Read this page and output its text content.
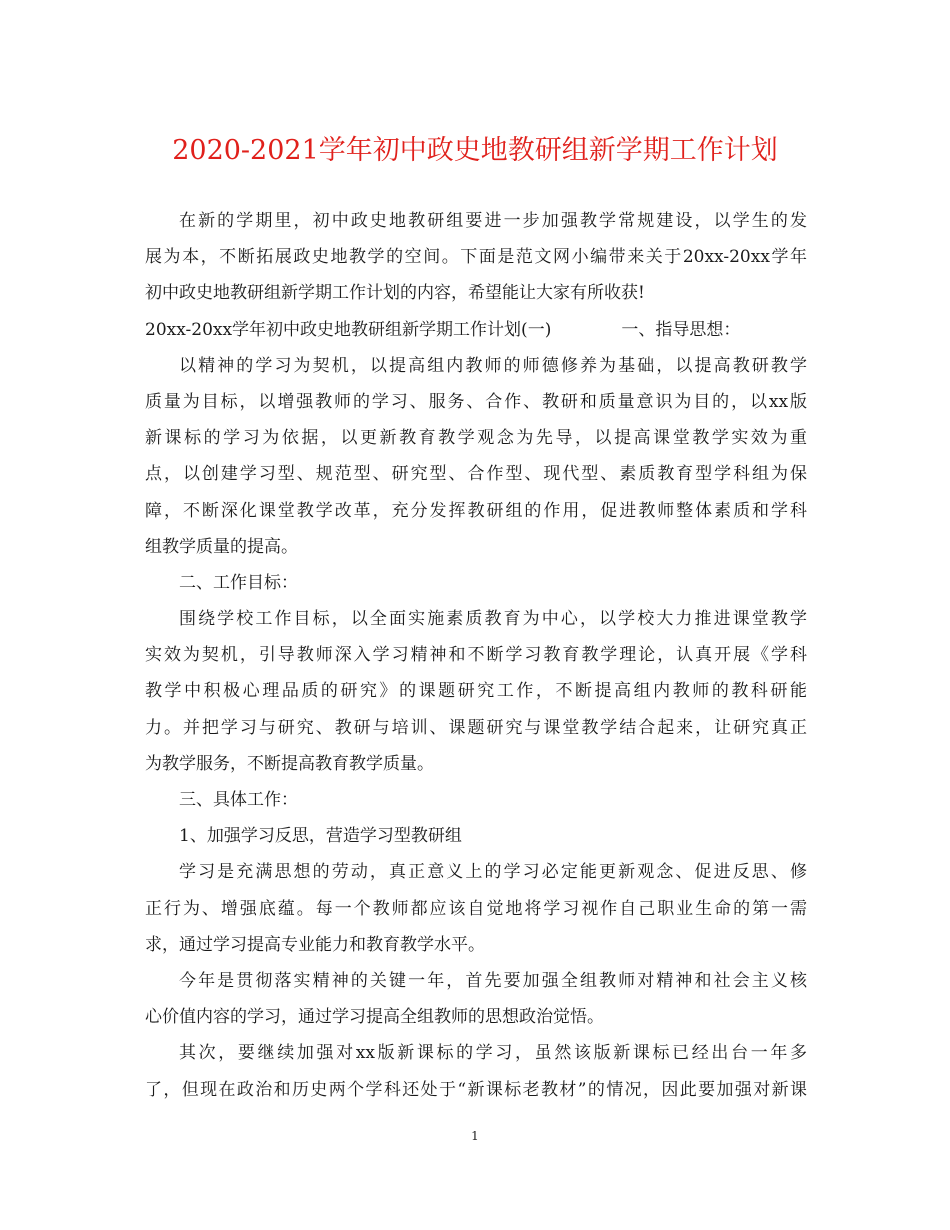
2020-2021学年初中政史地教研组新学期工作计划
在新的学期里，初中政史地教研组要进一步加强教学常规建设，以学生的发
展为本，不断拓展政史地教学的空间。下面是范文网小编带来关于20xx-20xx学年
初中政史地教研组新学期工作计划的内容，希望能让大家有所收获!
20xx-20xx学年初中政史地教研组新学期工作计划(一)	一、指导思想：
以精神的学习为契机，以提高组内教师的师德修养为基础，以提高教研教学
质量为目标，以增强教师的学习、服务、合作、教研和质量意识为目的，以xx版
新课标的学习为依据，以更新教育教学观念为先导，以提高课堂教学实效为重
点，以创建学习型、规范型、研究型、合作型、现代型、素质教育型学科组为保
障，不断深化课堂教学改革，充分发挥教研组的作用，促进教师整体素质和学科
组教学质量的提高。
二、工作目标：
围绕学校工作目标，以全面实施素质教育为中心，以学校大力推进课堂教学
实效为契机，引导教师深入学习精神和不断学习教育教学理论，认真开展《学科
教学中积极心理品质的研究》的课题研究工作，不断提高组内教师的教科研能
力。并把学习与研究、教研与培训、课题研究与课堂教学结合起来，让研究真正
为教学服务，不断提高教育教学质量。
三、具体工作：
1、加强学习反思，营造学习型教研组
学习是充满思想的劳动，真正意义上的学习必定能更新观念、促进反思、修
正行为、增强底蕴。每一个教师都应该自觉地将学习视作自己职业生命的第一需
求，通过学习提高专业能力和教育教学水平。
今年是贯彻落实精神的关键一年，首先要加强全组教师对精神和社会主义核
心价值内容的学习，通过学习提高全组教师的思想政治觉悟。
其次，要继续加强对xx版新课标的学习，虽然该版新课标已经出台一年多
了，但现在政治和历史两个学科还处于“新课标老教材”的情况，因此要加强对新课
1
